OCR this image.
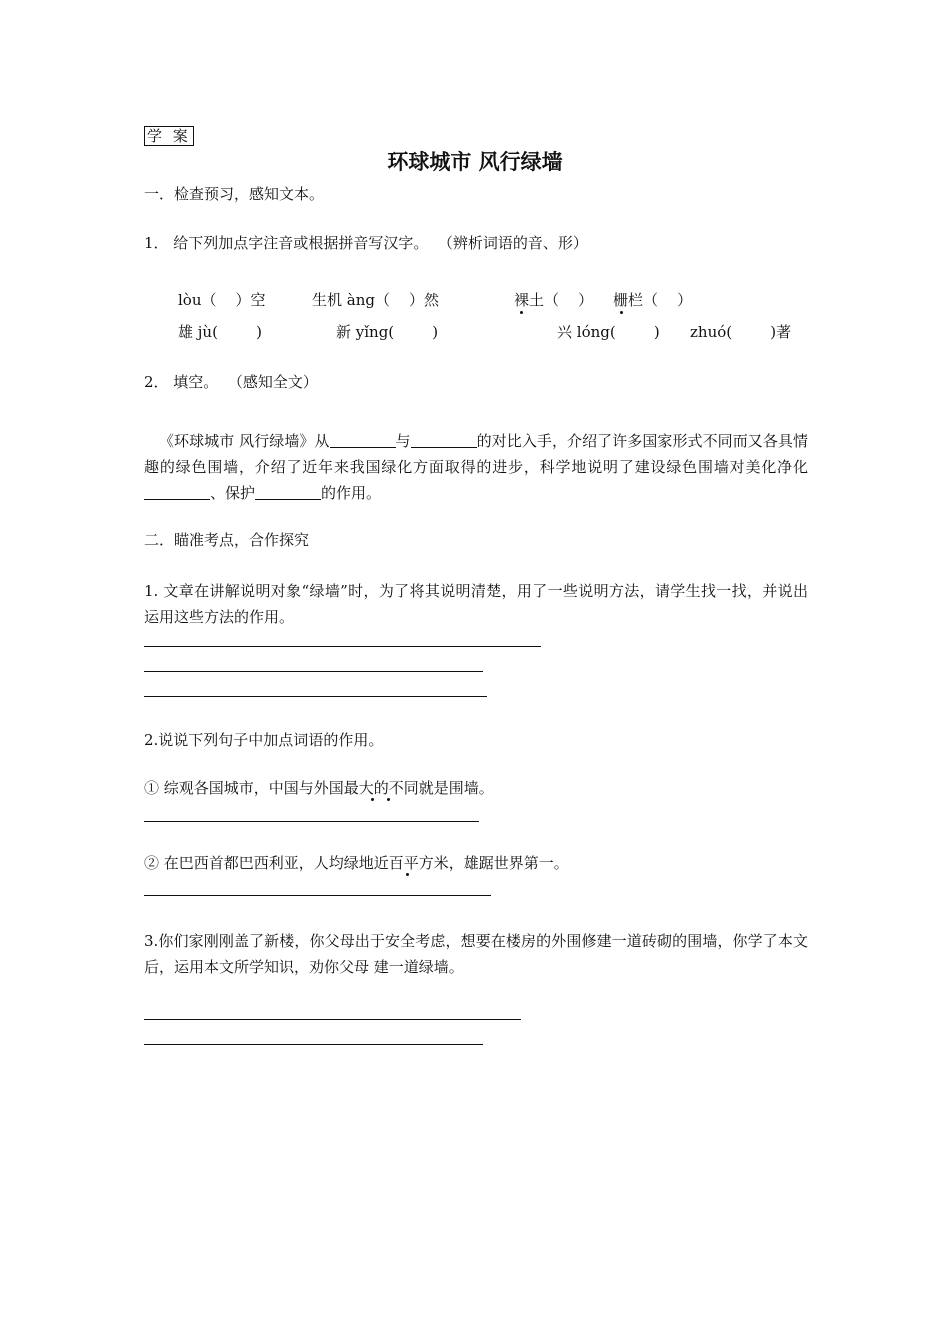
学 案
环球城市 风行绿墙
一．检查预习，感知文本。
1． 给下列加点字注音或根据拼音写汉字。  （辨析词语的音、形）
lòu（    ）空	生机 àng（    ）然	裸土（    ） 栅栏（    ）
雄 jù(        )	新 yǐng(        )	兴 lóng(        ) zhuó(        )著
2． 填空。  （感知全文）
《环球城市 风行绿墙》从	与	的对比入手，介绍了许多国家形式不同而又各具情趣的绿色围墙，介绍了近年来我国绿化方面取得的进步，科学地说明了建设绿色围墙对美化净化、保护	的作用。
二．瞄准考点，合作探究
1. 文章在讲解说明对象“绿墙”时，为了将其说明清楚，用了一些说明方法，请学生找一找，并说出运用这些方法的作用。
2.说说下列句子中加点词语的作用。
① 综观各国城市，中国与外国最大的不同就是围墙。
② 在巴西首都巴西利亚，人均绿地近百平方米，雄踞世界第一。
3.你们家刚刚盖了新楼，你父母出于安全考虑，想要在楼房的外围修建一道砖砌的围墙，你学了本文后，运用本文所学知识，劝你父母 建一道绿墙。
